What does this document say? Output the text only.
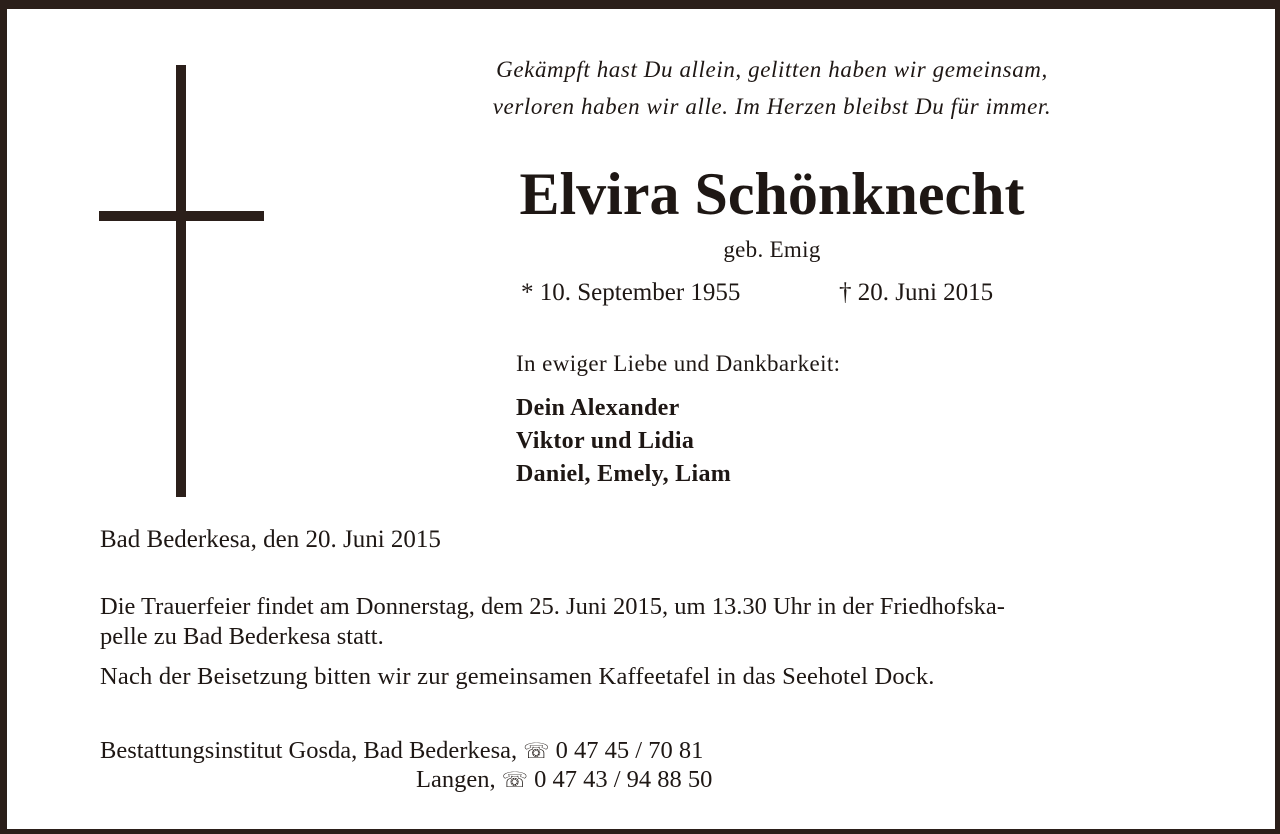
Gekämpft hast Du allein, gelitten haben wir gemeinsam,
verloren haben wir alle. Im Herzen bleibst Du für immer.
Elvira Schönknecht
geb. Emig
* 10. September 1955	† 20. Juni 2015
In ewiger Liebe und Dankbarkeit:
Dein Alexander
Viktor und Lidia
Daniel, Emely, Liam
Bad Bederkesa, den 20. Juni 2015
Die Trauerfeier findet am Donnerstag, dem 25. Juni 2015, um 13.30 Uhr in der Friedhofska-
pelle zu Bad Bederkesa statt.
Nach der Beisetzung bitten wir zur gemeinsamen Kaffeetafel in das Seehotel Dock.
Bestattungsinstitut Gosda, Bad Bederkesa, ☏ 0 47 45 / 70 81
Langen, ☏ 0 47 43 / 94 88 50
